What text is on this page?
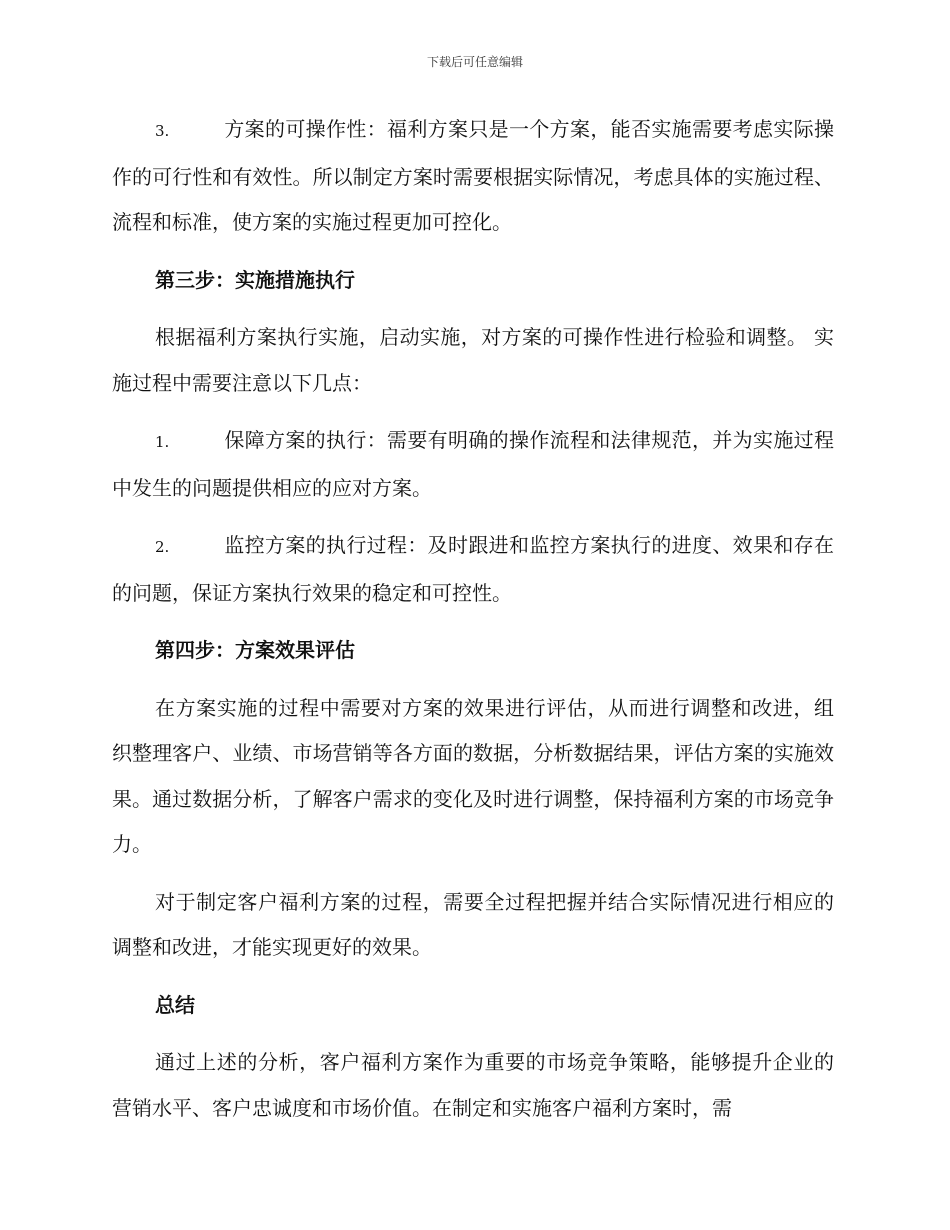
下载后可任意编辑

3.	方案的可操作性：福利方案只是一个方案，能否实施需要考虑实际操作的可行性和有效性。所以制定方案时需要根据实际情况，考虑具体的实施过程、流程和标准，使方案的实施过程更加可控化。

第三步：实施措施执行

根据福利方案执行实施，启动实施，对方案的可操作性进行检验和调整。 实施过程中需要注意以下几点：

1.	保障方案的执行：需要有明确的操作流程和法律规范，并为实施过程中发生的问题提供相应的应对方案。

2.	监控方案的执行过程：及时跟进和监控方案执行的进度、效果和存在的问题，保证方案执行效果的稳定和可控性。

第四步：方案效果评估

在方案实施的过程中需要对方案的效果进行评估，从而进行调整和改进，组织整理客户、业绩、市场营销等各方面的数据，分析数据结果，评估方案的实施效果。通过数据分析，了解客户需求的变化及时进行调整，保持福利方案的市场竞争力。

对于制定客户福利方案的过程，需要全过程把握并结合实际情况进行相应的调整和改进，才能实现更好的效果。

总结

通过上述的分析，客户福利方案作为重要的市场竞争策略，能够提升企业的营销水平、客户忠诚度和市场价值。在制定和实施客户福利方案时，需
